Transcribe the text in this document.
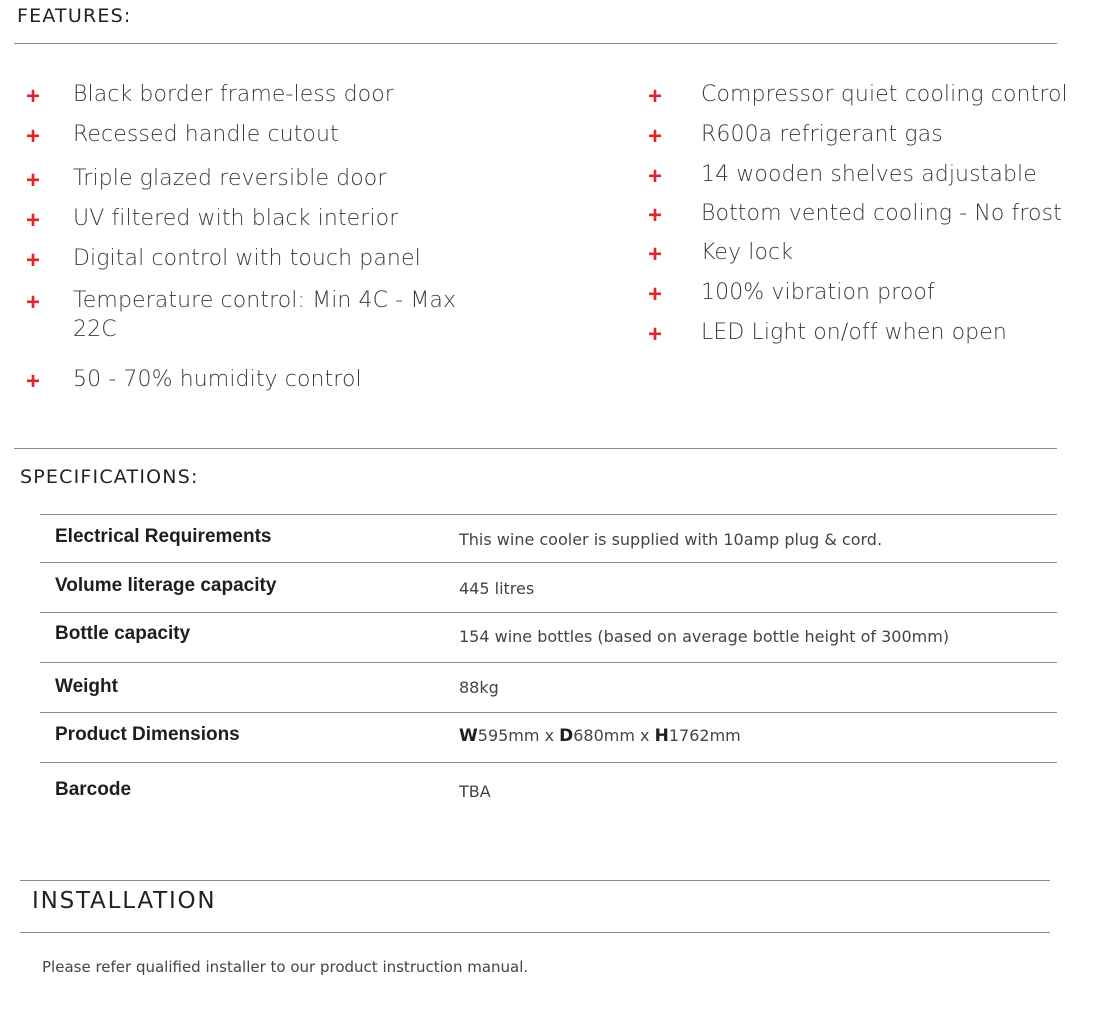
FEATURES:
+ Black border frame-less door
+ Recessed handle cutout
+ Triple glazed reversible door
+ UV filtered with black interior
+ Digital control with touch panel
+ Temperature control: Min 4C - Max 22C
+ 50 - 70% humidity control
+ Compressor quiet cooling control
+ R600a refrigerant gas
+ 14 wooden shelves adjustable
+ Bottom vented cooling - No frost
+ Key lock
+ 100% vibration proof
+ LED Light on/off when open
SPECIFICATIONS:
Electrical Requirements	This wine cooler is supplied with 10amp plug & cord.
Volume literage capacity	445 litres
Bottle capacity	154 wine bottles (based on average bottle height of 300mm)
Weight	88kg
Product Dimensions	W595mm x D680mm x H1762mm
Barcode	TBA
INSTALLATION
Please refer qualified installer to our product instruction manual.
